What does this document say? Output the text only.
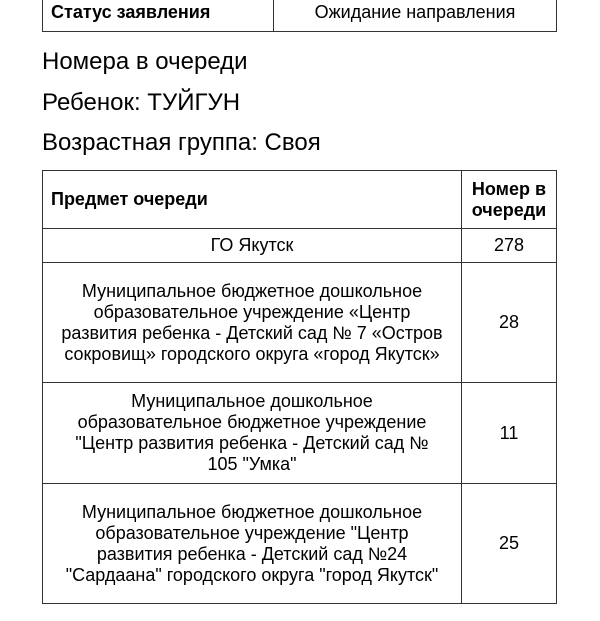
Статус заявления	Ожидание направления
Номера в очереди
Ребенок: ТУЙГУН
Возрастная группа: Своя
Предмет очереди	Номер в
очереди
ГО Якутск	278
Муниципальное бюджетное дошкольное образовательное учреждение «Центр развития ребенка - Детский сад № 7 «Остров сокровищ» городского округа «город Якутск»	28
Муниципальное дошкольное образовательное бюджетное учреждение "Центр развития ребенка - Детский сад № 105 "Умка"	11
Муниципальное бюджетное дошкольное образовательное учреждение "Центр развития ребенка - Детский сад №24 "Сардаана" городского округа "город Якутск"	25
